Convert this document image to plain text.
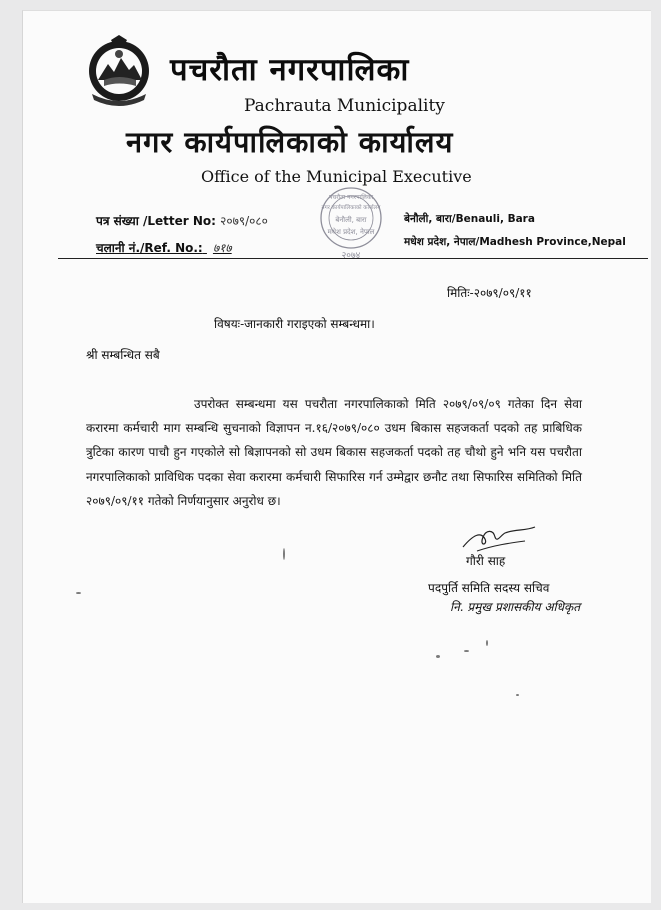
पचरौता नगरपालिका
Pachrauta Municipality
नगर कार्यपालिकाको कार्यालय
Office of the Municipal Executive
पत्र संख्या /Letter No: २०७९/०८०
चलानी नं./Ref. No.: ७१७
बेनौली, बारा/Benauli, Bara
मधेश प्रदेश, नेपाल/Madhesh Province,Nepal
पचरौता नगरपालिका
नगर कार्यपालिकाको कार्यालय
बेनौली, बारा
मधेश प्रदेश, नेपाल
२०७४
मितिः-२०७९/०९/११
विषयः-जानकारी गराइएको सम्बन्धमा।
श्री सम्बन्धित सबै
उपरोक्त सम्बन्धमा यस पचरौता नगरपालिकाको मिति २०७९/०९/०९ गतेका दिन सेवा करारमा कर्मचारी माग सम्बन्धि सुचनाको विज्ञापन न.१६/२०७९/०८० उधम बिकास सहजकर्ता पदको तह प्राबिधिक त्रुटिका कारण पाचौ हुन गएकोले सो बिज्ञापनको सो उधम बिकास सहजकर्ता पदको तह चौथो हुने भनि यस पचरौता नगरपालिकाको प्राविधिक पदका सेवा करारमा कर्मचारी सिफारिस गर्न उम्मेद्वार छनौट तथा सिफारिस समितिको मिति २०७९/०९/११ गतेको निर्णयानुसार अनुरोध छ।
गौरी साह
पदपुर्ति समिति सदस्य सचिव
नि. प्रमुख प्रशासकीय अधिकृत
